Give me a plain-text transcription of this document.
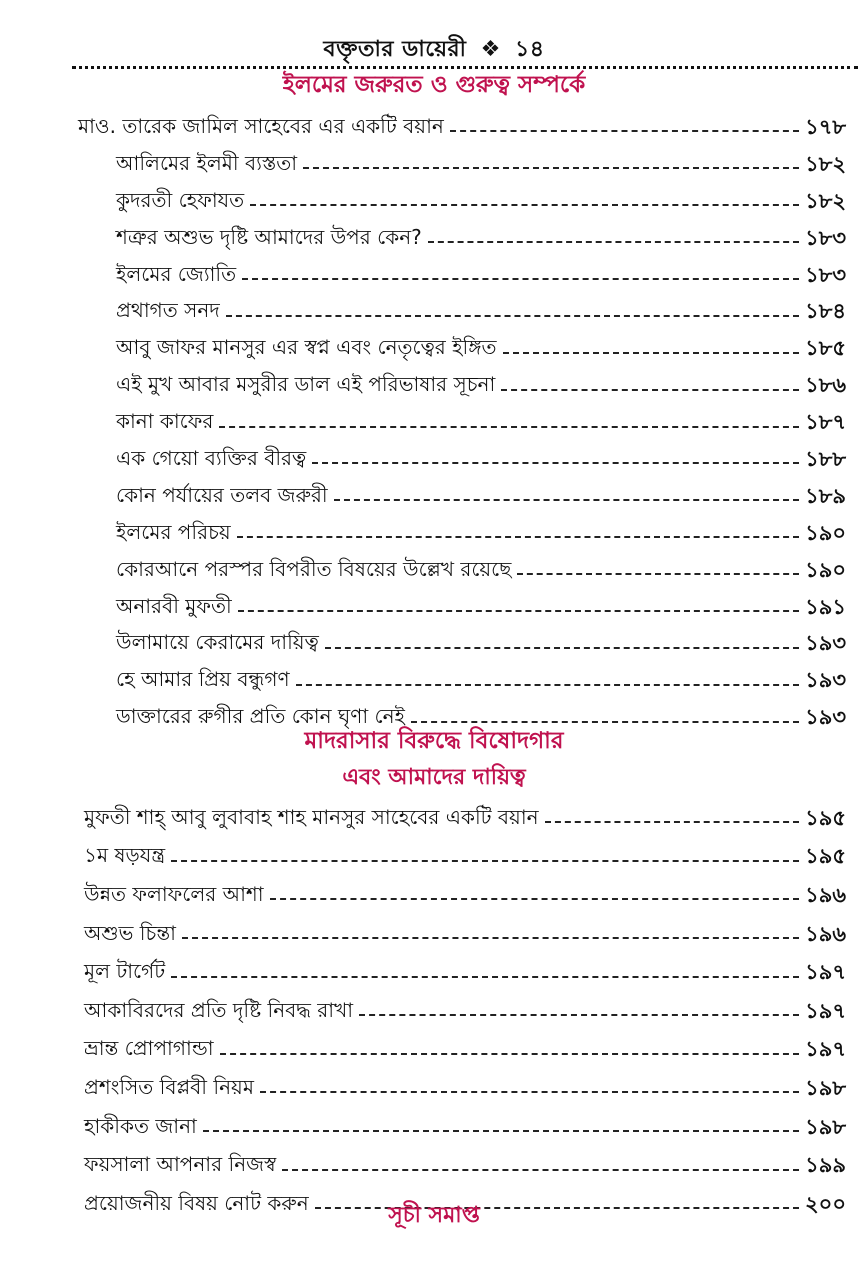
বক্তৃতার ডায়েরী ❖ ১৪
ইলমের জরুরত ও গুরুত্ব সম্পর্কে
মাও. তারেক জামিল সাহেবের এর একটি বয়ান	১৭৮
আলিমের ইলমী ব্যস্ততা	১৮২
কুদরতী হেফাযত	১৮২
শত্রুর অশুভ দৃষ্টি আমাদের উপর কেন?	১৮৩
ইলমের জ্যোতি	১৮৩
প্রথাগত সনদ	১৮৪
আবু জাফর মানসুর এর স্বপ্ন এবং নেতৃত্বের ইঙ্গিত	১৮৫
এই মুখ আবার মসুরীর ডাল এই পরিভাষার সূচনা	১৮৬
কানা কাফের	১৮৭
এক গেয়ো ব্যক্তির বীরত্ব	১৮৮
কোন পর্যায়ের তলব জরুরী	১৮৯
ইলমের পরিচয়	১৯০
কোরআনে পরস্পর বিপরীত বিষয়ের উল্লেখ রয়েছে	১৯০
অনারবী মুফতী	১৯১
উলামায়ে কেরামের দায়িত্ব	১৯৩
হে আমার প্রিয় বন্ধুগণ	১৯৩
ডাক্তারের রুগীর প্রতি কোন ঘৃণা নেই	১৯৩
মাদরাসার বিরুদ্ধে বিষোদগার
এবং আমাদের দায়িত্ব
মুফতী শাহ্ আবু লুবাবাহ শাহ মানসুর সাহেবের একটি বয়ান	১৯৫
১ম ষড়যন্ত্র	১৯৫
উন্নত ফলাফলের আশা	১৯৬
অশুভ চিন্তা	১৯৬
মূল টার্গেট	১৯৭
আকাবিরদের প্রতি দৃষ্টি নিবদ্ধ রাখা	১৯৭
ভ্রান্ত প্রোপাগান্ডা	১৯৭
প্রশংসিত বিপ্লবী নিয়ম	১৯৮
হাকীকত জানা	১৯৮
ফয়সালা আপনার নিজস্ব	১৯৯
প্রয়োজনীয় বিষয় নোট করুন	২০০
সূচী সমাপ্ত
